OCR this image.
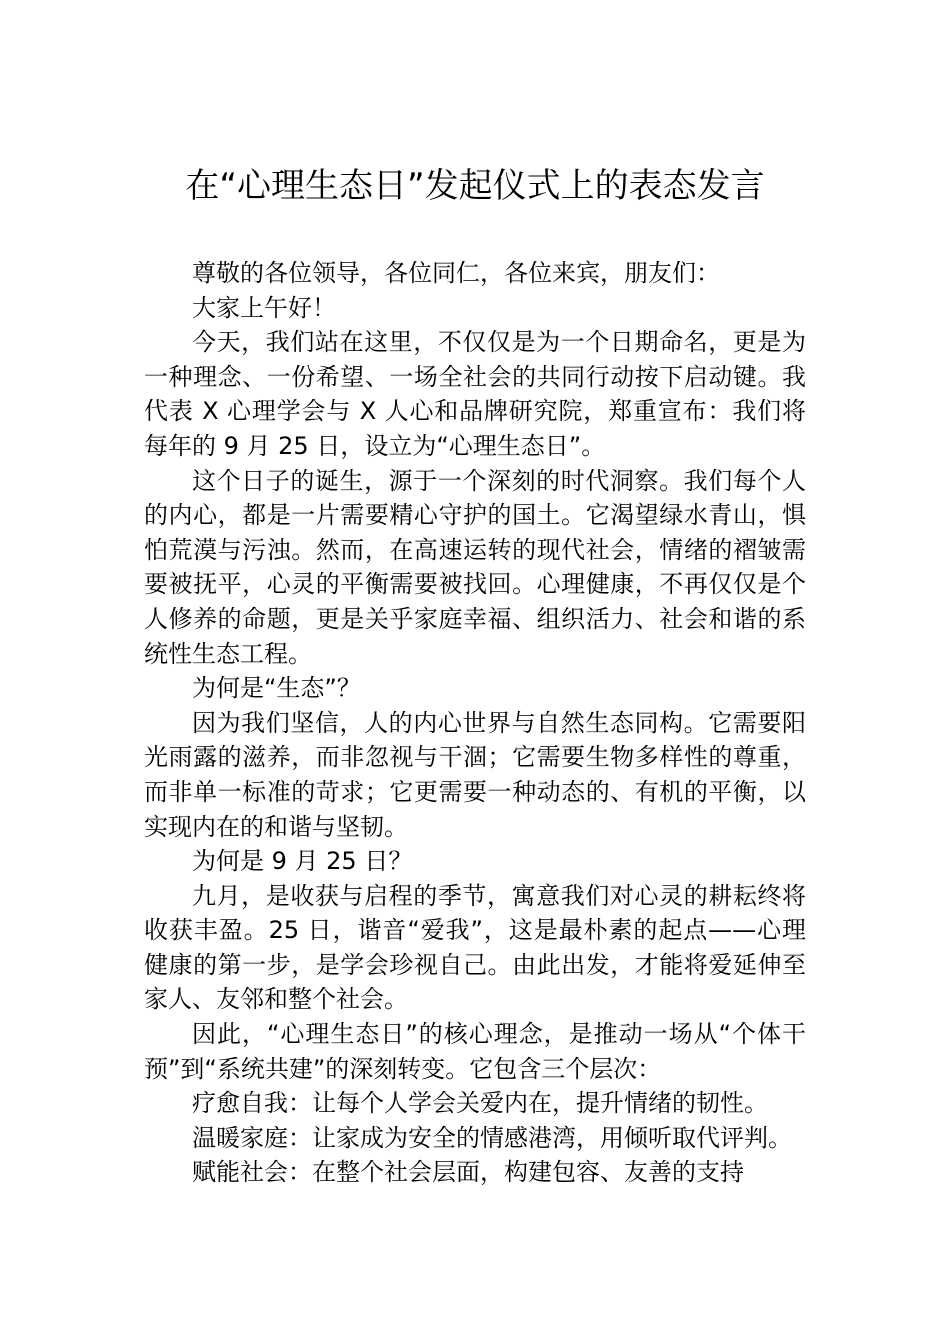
在“心理生态日”发起仪式上的表态发言

尊敬的各位领导，各位同仁，各位来宾，朋友们：

大家上午好！

今天，我们站在这里，不仅仅是为一个日期命名，更是为一种理念、一份希望、一场全社会的共同行动按下启动键。我代表 X 心理学会与 X 人心和品牌研究院，郑重宣布：我们将每年的 9 月 25 日，设立为“心理生态日”。

这个日子的诞生，源于一个深刻的时代洞察。我们每个人的内心，都是一片需要精心守护的国土。它渴望绿水青山，惧怕荒漠与污浊。然而，在高速运转的现代社会，情绪的褶皱需要被抚平，心灵的平衡需要被找回。心理健康，不再仅仅是个人修养的命题，更是关乎家庭幸福、组织活力、社会和谐的系统性生态工程。

为何是“生态”？

因为我们坚信，人的内心世界与自然生态同构。它需要阳光雨露的滋养，而非忽视与干涸；它需要生物多样性的尊重，而非单一标准的苛求；它更需要一种动态的、有机的平衡，以实现内在的和谐与坚韧。

为何是 9 月 25 日？

九月，是收获与启程的季节，寓意我们对心灵的耕耘终将收获丰盈。25 日，谐音“爱我”，这是最朴素的起点——心理健康的第一步，是学会珍视自己。由此出发，才能将爱延伸至家人、友邻和整个社会。

因此，“心理生态日”的核心理念，是推动一场从“个体干预”到“系统共建”的深刻转变。它包含三个层次：

疗愈自我：让每个人学会关爱内在，提升情绪的韧性。

温暖家庭：让家成为安全的情感港湾，用倾听取代评判。

赋能社会：在整个社会层面，构建包容、友善的支持
